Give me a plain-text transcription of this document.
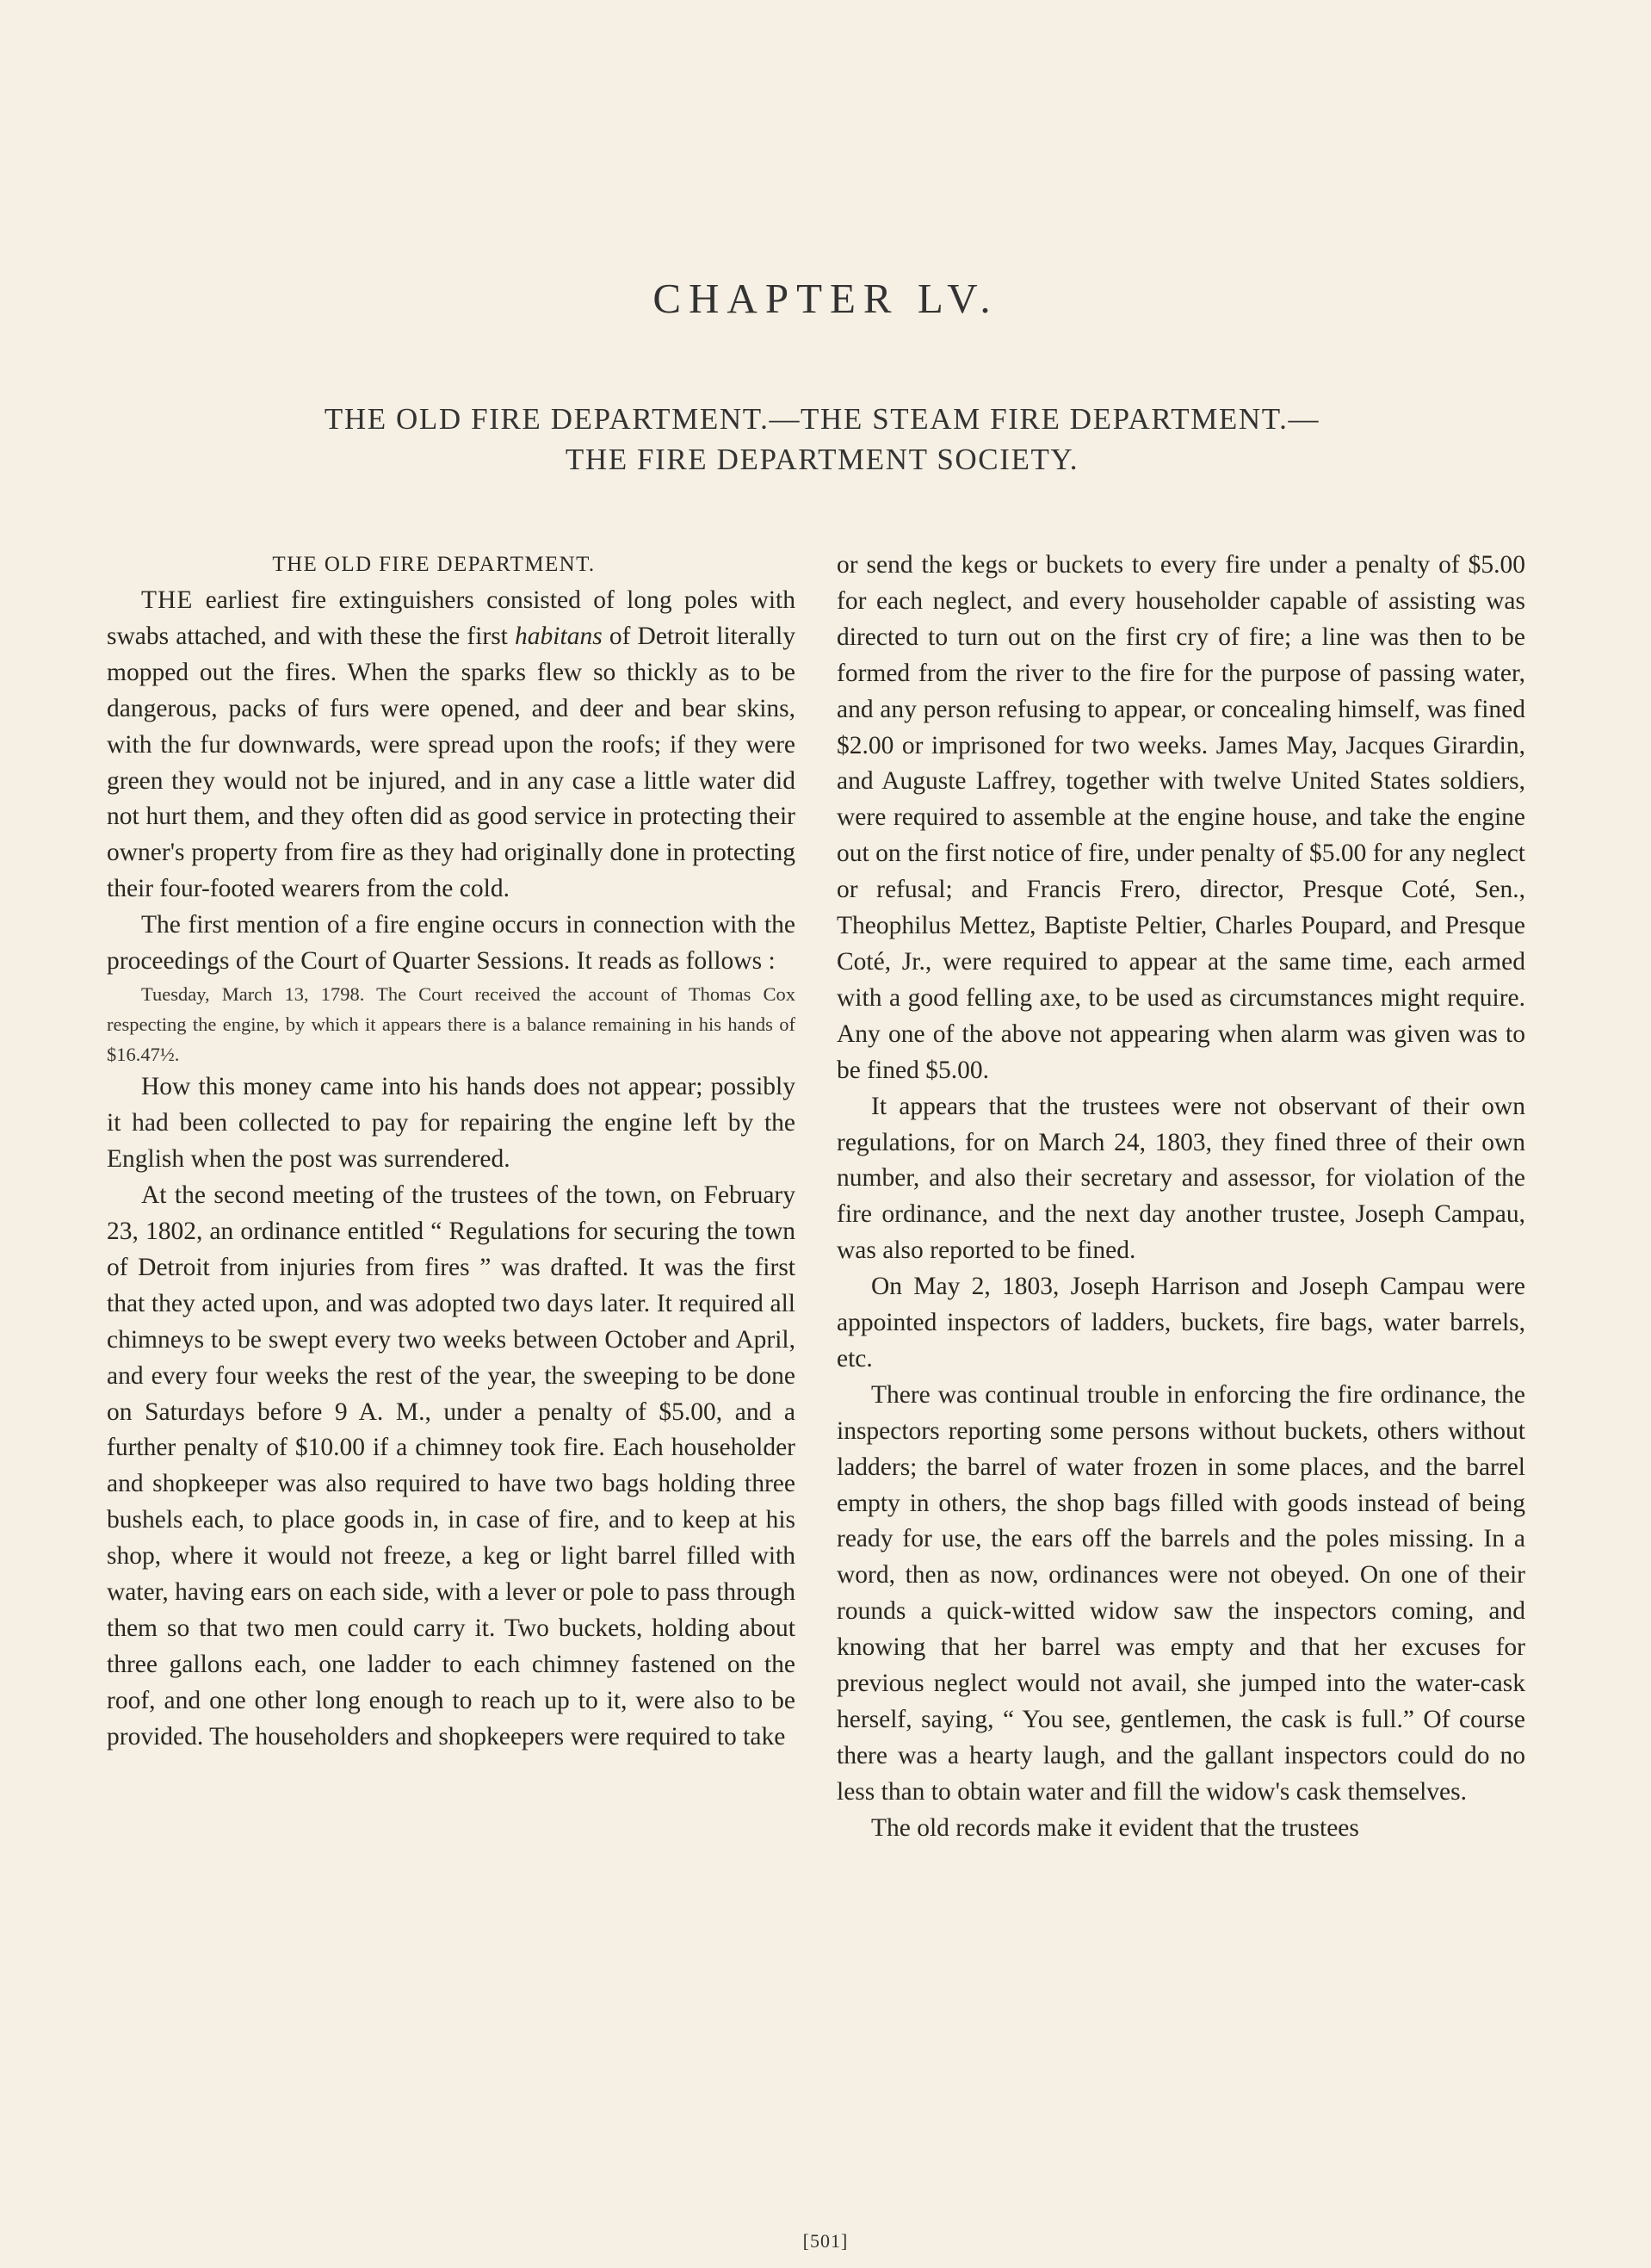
CHAPTER LV.
THE OLD FIRE DEPARTMENT.—THE STEAM FIRE DEPARTMENT.—
THE FIRE DEPARTMENT SOCIETY.
THE OLD FIRE DEPARTMENT.

THE earliest fire extinguishers consisted of long poles with swabs attached, and with these the first habitans of Detroit literally mopped out the fires. When the sparks flew so thickly as to be dangerous, packs of furs were opened, and deer and bear skins, with the fur downwards, were spread upon the roofs; if they were green they would not be injured, and in any case a little water did not hurt them, and they often did as good service in protecting their owner's property from fire as they had originally done in protecting their four-footed wearers from the cold.

The first mention of a fire engine occurs in connection with the proceedings of the Court of Quarter Sessions. It reads as follows :

Tuesday, March 13, 1798. The Court received the account of Thomas Cox respecting the engine, by which it appears there is a balance remaining in his hands of $16.47½.

How this money came into his hands does not appear; possibly it had been collected to pay for repairing the engine left by the English when the post was surrendered.

At the second meeting of the trustees of the town, on February 23, 1802, an ordinance entitled “ Regulations for securing the town of Detroit from injuries from fires ” was drafted. It was the first that they acted upon, and was adopted two days later. It required all chimneys to be swept every two weeks between October and April, and every four weeks the rest of the year, the sweeping to be done on Saturdays before 9 A. M., under a penalty of $5.00, and a further penalty of $10.00 if a chimney took fire. Each householder and shopkeeper was also required to have two bags holding three bushels each, to place goods in, in case of fire, and to keep at his shop, where it would not freeze, a keg or light barrel filled with water, having ears on each side, with a lever or pole to pass through them so that two men could carry it. Two buckets, holding about three gallons each, one ladder to each chimney fastened on the roof, and one other long enough to reach up to it, were also to be provided. The householders and shopkeepers were required to take

or send the kegs or buckets to every fire under a penalty of $5.00 for each neglect, and every householder capable of assisting was directed to turn out on the first cry of fire; a line was then to be formed from the river to the fire for the purpose of passing water, and any person refusing to appear, or concealing himself, was fined $2.00 or imprisoned for two weeks. James May, Jacques Girardin, and Auguste Laffrey, together with twelve United States soldiers, were required to assemble at the engine house, and take the engine out on the first notice of fire, under penalty of $5.00 for any neglect or refusal; and Francis Frero, director, Presque Coté, Sen., Theophilus Mettez, Baptiste Peltier, Charles Poupard, and Presque Coté, Jr., were required to appear at the same time, each armed with a good felling axe, to be used as circumstances might require. Any one of the above not appearing when alarm was given was to be fined $5.00.

It appears that the trustees were not observant of their own regulations, for on March 24, 1803, they fined three of their own number, and also their secretary and assessor, for violation of the fire ordinance, and the next day another trustee, Joseph Campau, was also reported to be fined.

On May 2, 1803, Joseph Harrison and Joseph Campau were appointed inspectors of ladders, buckets, fire bags, water barrels, etc.

There was continual trouble in enforcing the fire ordinance, the inspectors reporting some persons without buckets, others without ladders; the barrel of water frozen in some places, and the barrel empty in others, the shop bags filled with goods instead of being ready for use, the ears off the barrels and the poles missing. In a word, then as now, ordinances were not obeyed. On one of their rounds a quick-witted widow saw the inspectors coming, and knowing that her barrel was empty and that her excuses for previous neglect would not avail, she jumped into the water-cask herself, saying, “ You see, gentlemen, the cask is full.” Of course there was a hearty laugh, and the gallant inspectors could do no less than to obtain water and fill the widow's cask themselves.

The old records make it evident that the trustees

[501]
